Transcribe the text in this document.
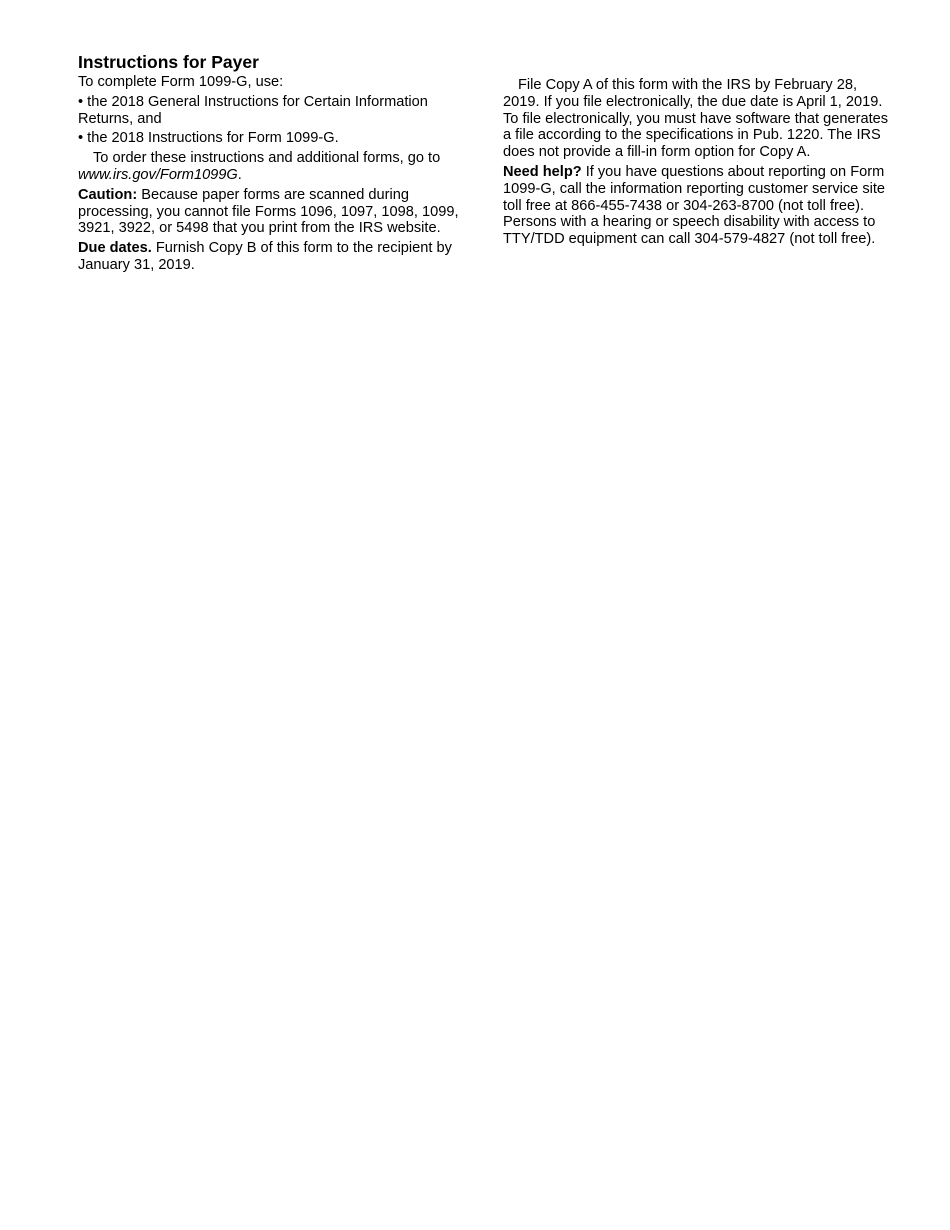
Instructions for Payer

To complete Form 1099-G, use:

• the 2018 General Instructions for Certain Information Returns, and

• the 2018 Instructions for Form 1099-G.

To order these instructions and additional forms, go to www.irs.gov/Form1099G.

Caution: Because paper forms are scanned during processing, you cannot file Forms 1096, 1097, 1098, 1099, 3921, 3922, or 5498 that you print from the IRS website.

Due dates. Furnish Copy B of this form to the recipient by January 31, 2019.

File Copy A of this form with the IRS by February 28, 2019. If you file electronically, the due date is April 1, 2019. To file electronically, you must have software that generates a file according to the specifications in Pub. 1220. The IRS does not provide a fill-in form option for Copy A.

Need help? If you have questions about reporting on Form 1099-G, call the information reporting customer service site toll free at 866-455-7438 or 304-263-8700 (not toll free). Persons with a hearing or speech disability with access to TTY/TDD equipment can call 304-579-4827 (not toll free).
